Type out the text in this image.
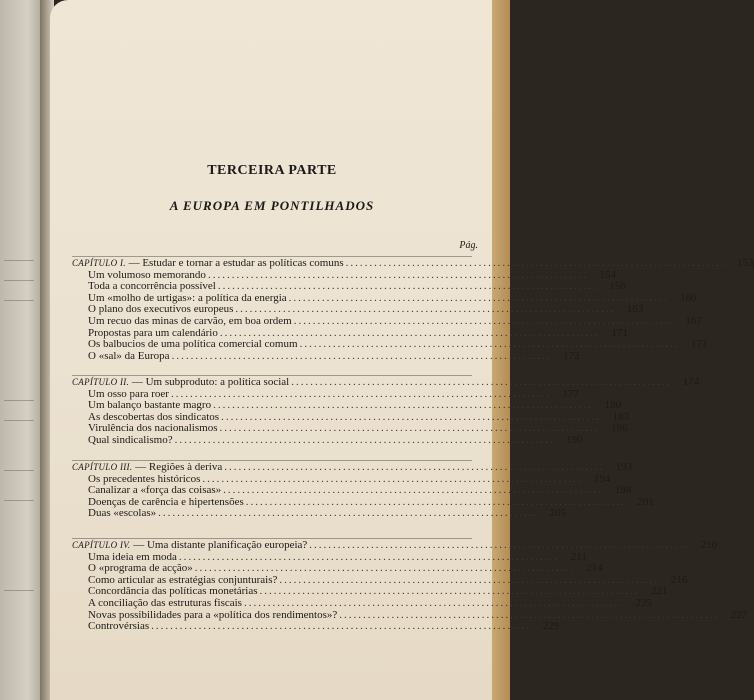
TERCEIRA PARTE
A EUROPA EM PONTILHADOS
Pág.
CAPÍTULO I. — Estudar e tornar a estudar as políticas comuns ................................................................................	153
Um volumoso memorando ................................................................................	154
Toda a concorrência possível ................................................................................	156
Um «molho de urtigas»: a política da energia ................................................................................	160
O plano dos executivos europeus ................................................................................	163
Um recuo das minas de carvão, em boa ordem ................................................................................	167
Propostas para um calendário ................................................................................	171
Os balbucios de uma política comercial comum ................................................................................	171
O «sal» da Europa ................................................................................	172
CAPÍTULO II. — Um subproduto: a política social ................................................................................	174
Um osso para roer ................................................................................	177
Um balanço bastante magro ................................................................................	180
As descobertas dos sindicatos ................................................................................	183
Virulência dos nacionalismos ................................................................................	186
Qual sindicalismo? ................................................................................	190
CAPÍTULO III. — Regiões à deriva ................................................................................	193
Os precedentes históricos ................................................................................	194
Canalizar a «força das coisas» ................................................................................	198
Doenças de carência e hipertensões ................................................................................	201
Duas «escolas» ................................................................................	205
CAPÍTULO IV. — Uma distante planificação europeia? ................................................................................	210
Uma ideia em moda ................................................................................	211
O «programa de acção» ................................................................................	214
Como articular as estratégias conjunturais? ................................................................................	216
Concordância das políticas monetárias ................................................................................	221
A conciliação das estruturas fiscais ................................................................................	225
Novas possibilidades para a «política dos rendimentos»? ................................................................................	227
Controvérsias ................................................................................	229
